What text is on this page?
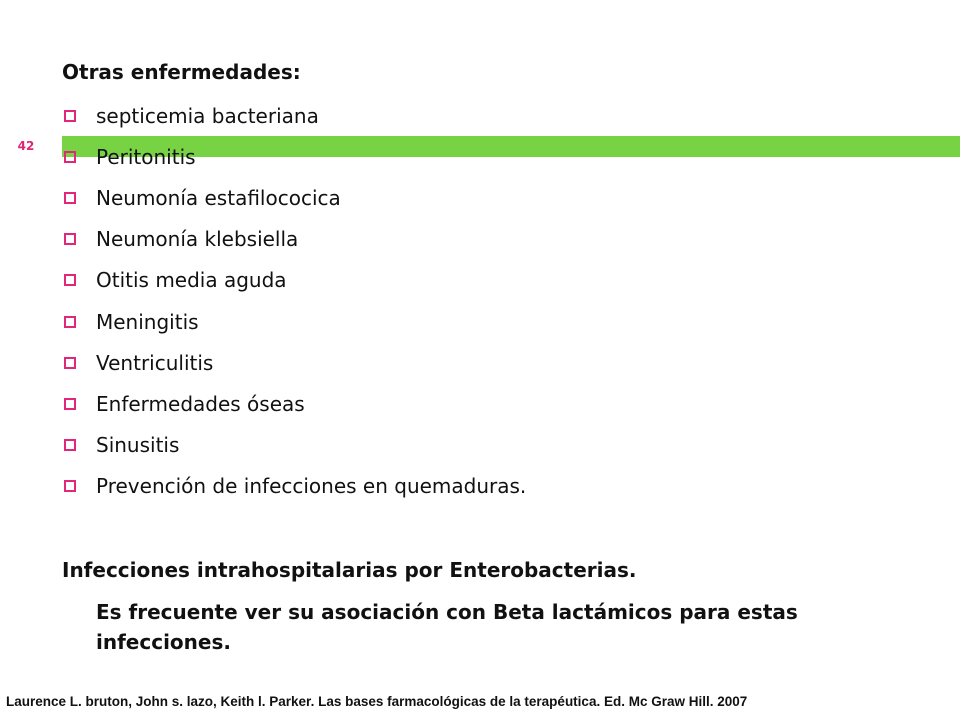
42
Otras enfermedades:
septicemia bacteriana
Peritonitis
Neumonía estafilococica
Neumonía klebsiella
Otitis media aguda
Meningitis
Ventriculitis
Enfermedades óseas
Sinusitis
Prevención de infecciones en quemaduras.
Infecciones intrahospitalarias por Enterobacterias.
Es frecuente ver su asociación con Beta lactámicos para estas
infecciones.
Laurence L. bruton, John s. lazo, Keith l. Parker. Las bases farmacológicas de la terapéutica. Ed. Mc Graw Hill. 2007
